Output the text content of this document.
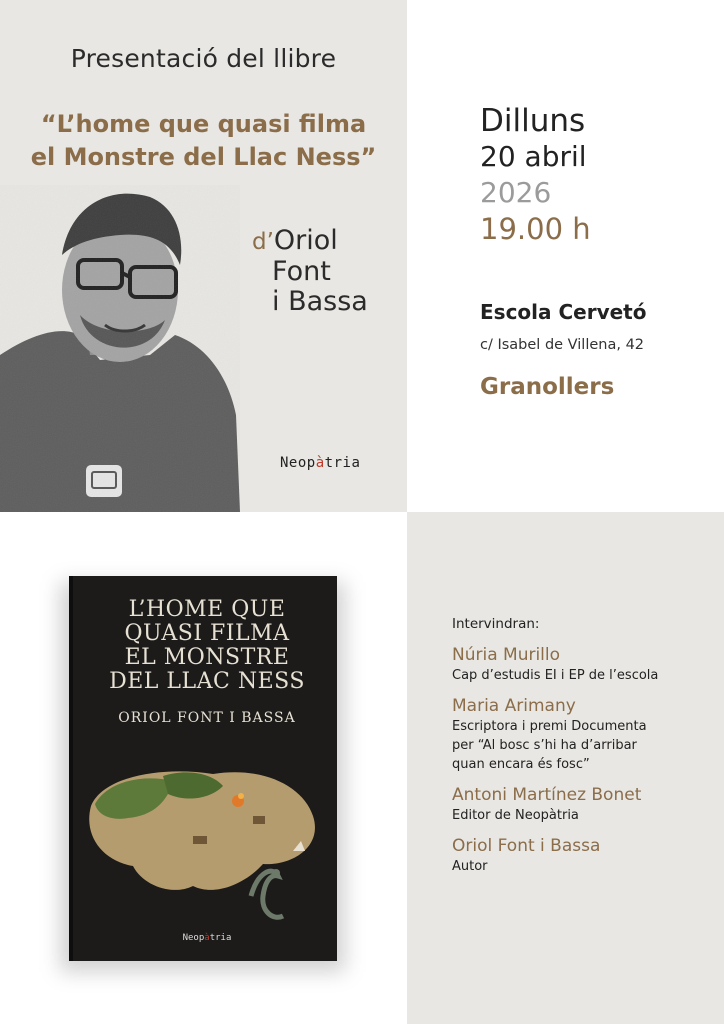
Presentació del llibre
“L’home que quasi filma
el Monstre del Llac Ness”
d’Oriol
Font
i Bassa
Neopàtria
Dilluns
20 abril
2026
19.00 h
Escola Cervetó
c/ Isabel de Villena, 42
Granollers
L’HOME QUE
QUASI FILMA
EL MONSTRE
DEL LLAC NESS
ORIOL FONT I BASSA
Neopàtria
Intervindran:
Núria Murillo
Cap d’estudis EI i EP de l’escola
Maria Arimany
Escriptora i premi Documenta
per “Al bosc s’hi ha d’arribar
quan encara és fosc”
Antoni Martínez Bonet
Editor de Neopàtria
Oriol Font i Bassa
Autor
